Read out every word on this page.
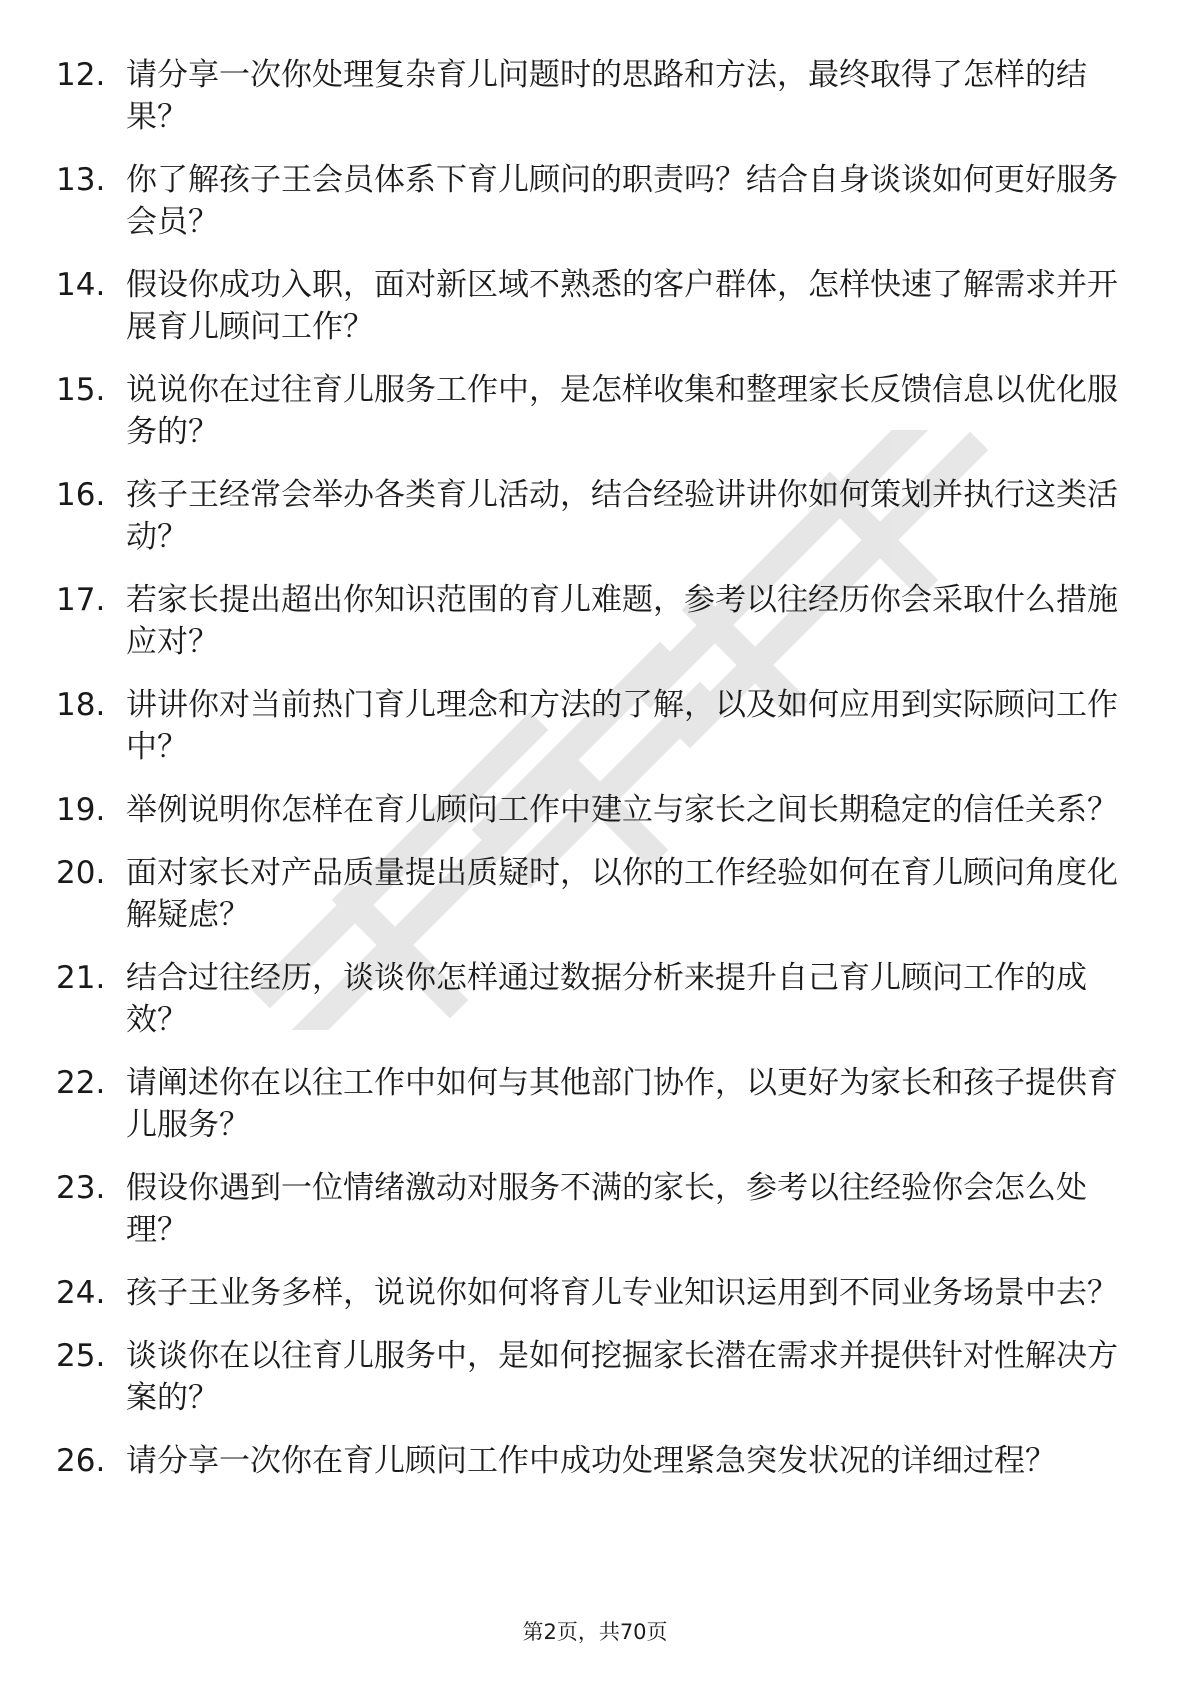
12. 请分享一次你处理复杂育儿问题时的思路和方法，最终取得了怎样的结果？
13. 你了解孩子王会员体系下育儿顾问的职责吗？结合自身谈谈如何更好服务会员？
14. 假设你成功入职，面对新区域不熟悉的客户群体，怎样快速了解需求并开展育儿顾问工作？
15. 说说你在过往育儿服务工作中，是怎样收集和整理家长反馈信息以优化服务的？
16. 孩子王经常会举办各类育儿活动，结合经验讲讲你如何策划并执行这类活动？
17. 若家长提出超出你知识范围的育儿难题，参考以往经历你会采取什么措施应对？
18. 讲讲你对当前热门育儿理念和方法的了解，以及如何应用到实际顾问工作中？
19. 举例说明你怎样在育儿顾问工作中建立与家长之间长期稳定的信任关系？
20. 面对家长对产品质量提出质疑时，以你的工作经验如何在育儿顾问角度化解疑虑？
21. 结合过往经历，谈谈你怎样通过数据分析来提升自己育儿顾问工作的成效？
22. 请阐述你在以往工作中如何与其他部门协作，以更好为家长和孩子提供育儿服务？
23. 假设你遇到一位情绪激动对服务不满的家长，参考以往经验你会怎么处理？
24. 孩子王业务多样，说说你如何将育儿专业知识运用到不同业务场景中去？
25. 谈谈你在以往育儿服务中，是如何挖掘家长潜在需求并提供针对性解决方案的？
26. 请分享一次你在育儿顾问工作中成功处理紧急突发状况的详细过程？
第2页，共70页
